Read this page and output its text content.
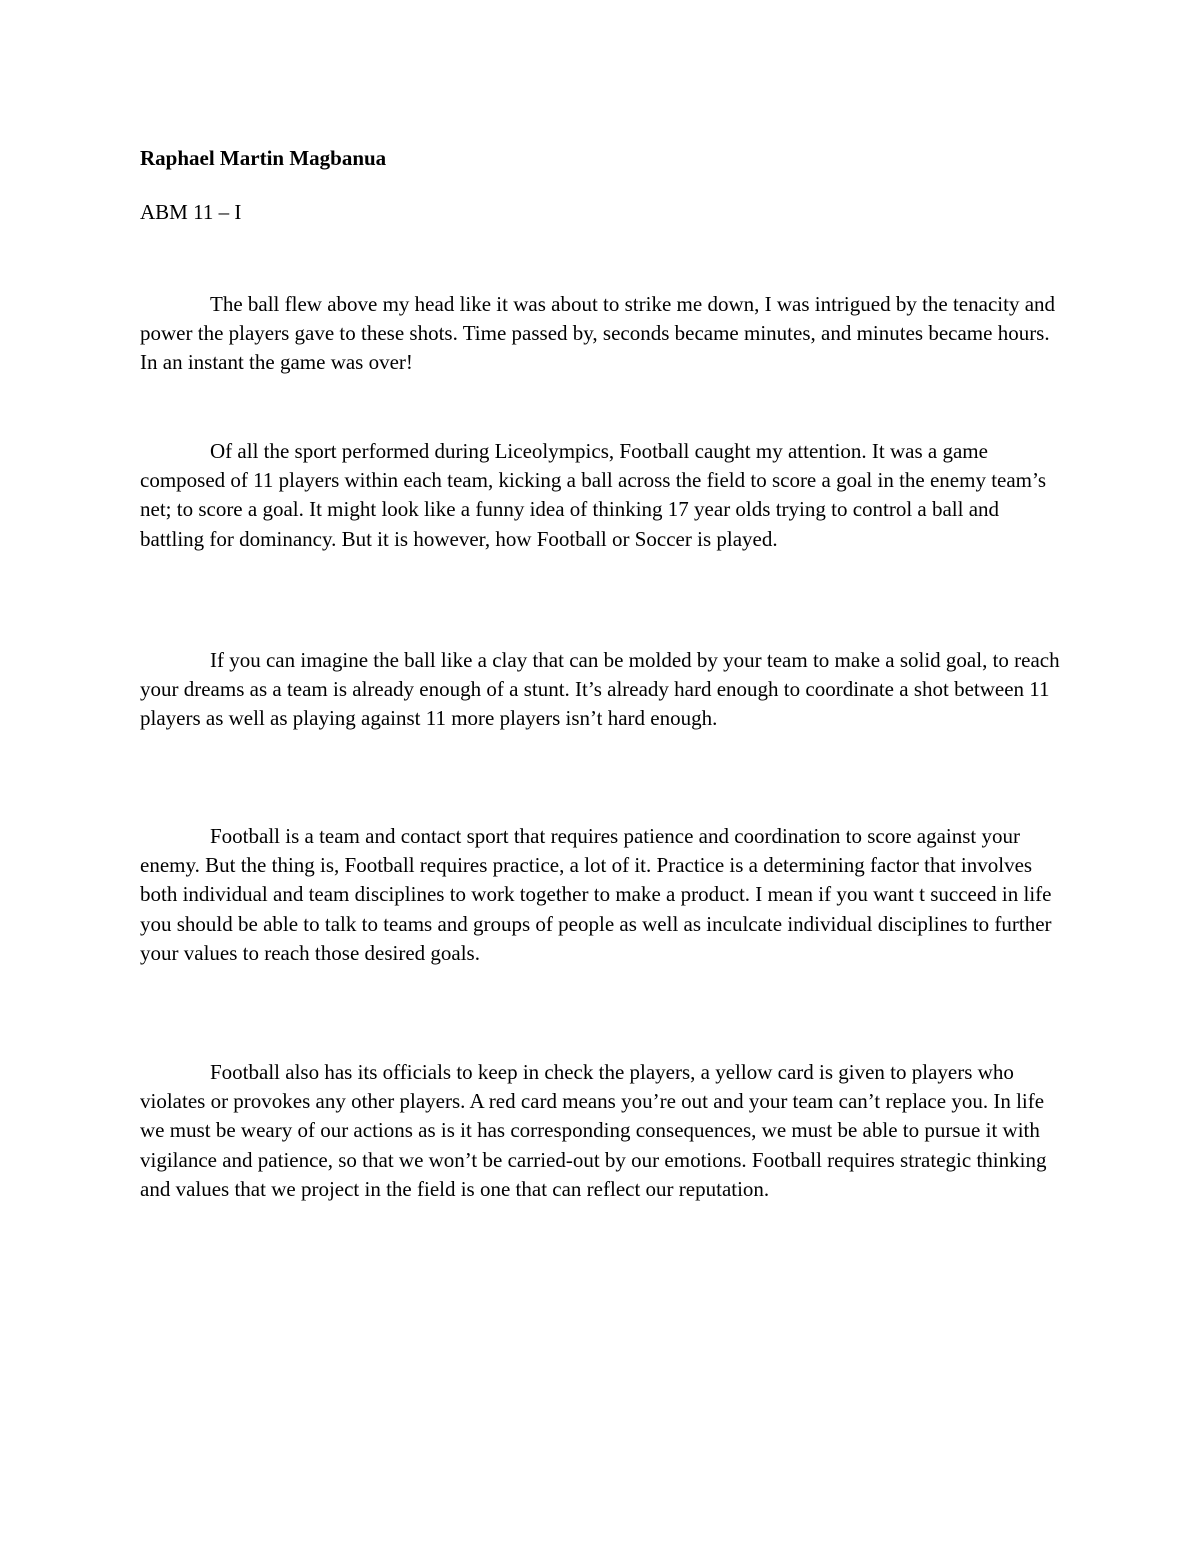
Raphael Martin Magbanua
ABM 11 – I

The ball flew above my head like it was about to strike me down, I was intrigued by the tenacity and power the players gave to these shots. Time passed by, seconds became minutes, and minutes became hours. In an instant the game was over!

Of all the sport performed during Liceolympics, Football caught my attention. It was a game composed of 11 players within each team, kicking a ball across the field to score a goal in the enemy team’s net; to score a goal. It might look like a funny idea of thinking 17 year olds trying to control a ball and battling for dominancy. But it is however, how Football or Soccer is played.

If you can imagine the ball like a clay that can be molded by your team to make a solid goal, to reach your dreams as a team is already enough of a stunt. It’s already hard enough to coordinate a shot between 11 players as well as playing against 11 more players isn’t hard enough.

Football is a team and contact sport that requires patience and coordination to score against your enemy. But the thing is, Football requires practice, a lot of it. Practice is a determining factor that involves both individual and team disciplines to work together to make a product. I mean if you want t succeed in life you should be able to talk to teams and groups of people as well as inculcate individual disciplines to further your values to reach those desired goals.

Football also has its officials to keep in check the players, a yellow card is given to players who violates or provokes any other players. A red card means you’re out and your team can’t replace you. In life we must be weary of our actions as is it has corresponding consequences, we must be able to pursue it with vigilance and patience, so that we won’t be carried-out by our emotions. Football requires strategic thinking and values that we project in the field is one that can reflect our reputation.
